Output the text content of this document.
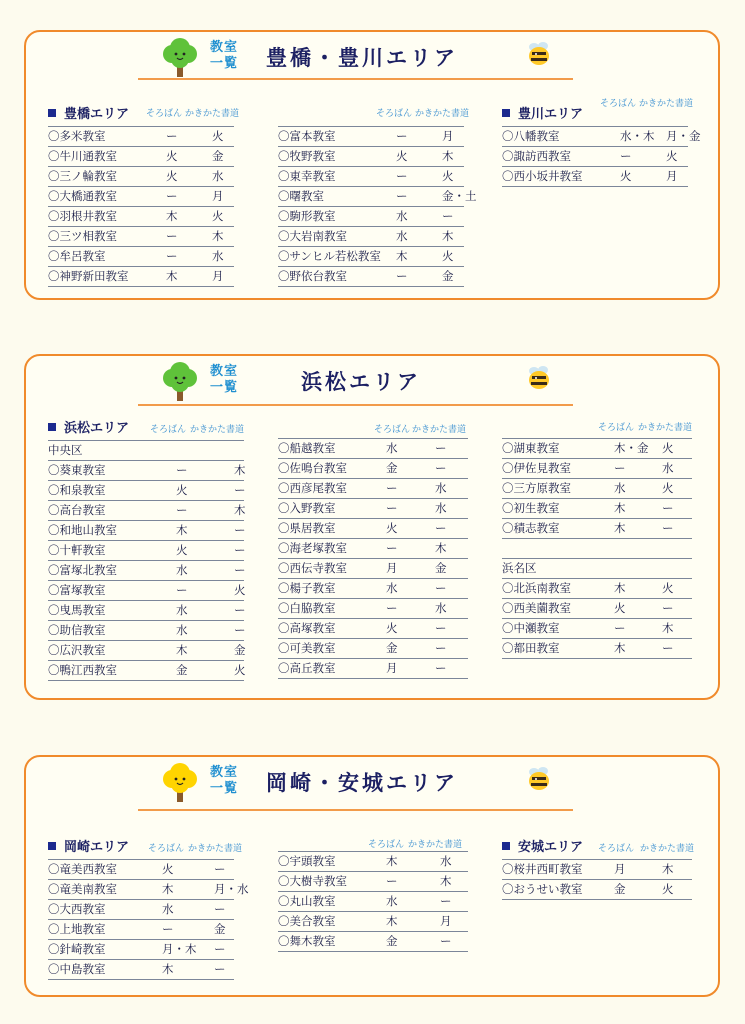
教室
一覧 豊橋・豊川エリア
豊橋エリア そろばん かきかた書道
〇多米教室	ー	火
〇牛川通教室	火	金
〇三ノ輪教室	火	水
〇大橋通教室	ー	月
〇羽根井教室	木	火
〇三ツ相教室	ー	木
〇牟呂教室	ー	水
〇神野新田教室	木	月
そろばん かきかた書道
〇富本教室	ー	月
〇牧野教室	火	木
〇東幸教室	ー	火
〇曙教室	ー	金・土
〇駒形教室	水	ー
〇大岩南教室	水	木
〇サンヒル若松教室 木	火
〇野依台教室	ー	金
豊川エリア
そろばん かきかた書道
〇八幡教室	水・木 月・金
〇諏訪西教室	ー	火
〇西小坂井教室	火	月
教室
一覧	浜松エリア
浜松エリア そろばん かきかた書道
中央区
〇葵東教室	ー	木
〇和泉教室	火	ー
〇高台教室	ー	木
〇和地山教室	木	ー
〇十軒教室	火	ー
〇富塚北教室	水	ー
〇富塚教室	ー	火
〇曳馬教室	水	ー
〇助信教室	水	ー
〇広沢教室	木	金
〇鴨江西教室	金	火
そろばん かきかた書道
〇船越教室	水	ー
〇佐鳴台教室	金	ー
〇西彦尾教室	ー	水
〇入野教室	ー	水
〇県居教室	火	ー
〇海老塚教室	ー	木
〇西伝寺教室	月	金
〇楊子教室	水	ー
〇白脇教室	ー	水
〇高塚教室	火	ー
〇可美教室	金	ー
〇高丘教室	月	ー
そろばん かきかた書道
〇湖東教室	木・金 火
〇伊佐見教室	ー	水
〇三方原教室	水	火
〇初生教室	木	ー
〇積志教室	木	ー
浜名区
〇北浜南教室	木	火
〇西美薗教室	火	ー
〇中瀬教室	ー	木
〇都田教室	木	ー
教室
一覧 岡崎・安城エリア
岡崎エリア そろばん かきかた書道
〇竜美西教室	火	ー
〇竜美南教室	木	月・水
〇大西教室	水	ー
〇上地教室	ー	金
〇針崎教室	月・木 ー
〇中島教室	木	ー
そろばん かきかた書道
〇宇頭教室	木	水
〇大樹寺教室	ー	木
〇丸山教室	水	ー
〇美合教室	木	月
〇舞木教室	金	ー
安城エリア そろばん かきかた書道
〇桜井西町教室	月	木
〇おうせい教室	金	火
